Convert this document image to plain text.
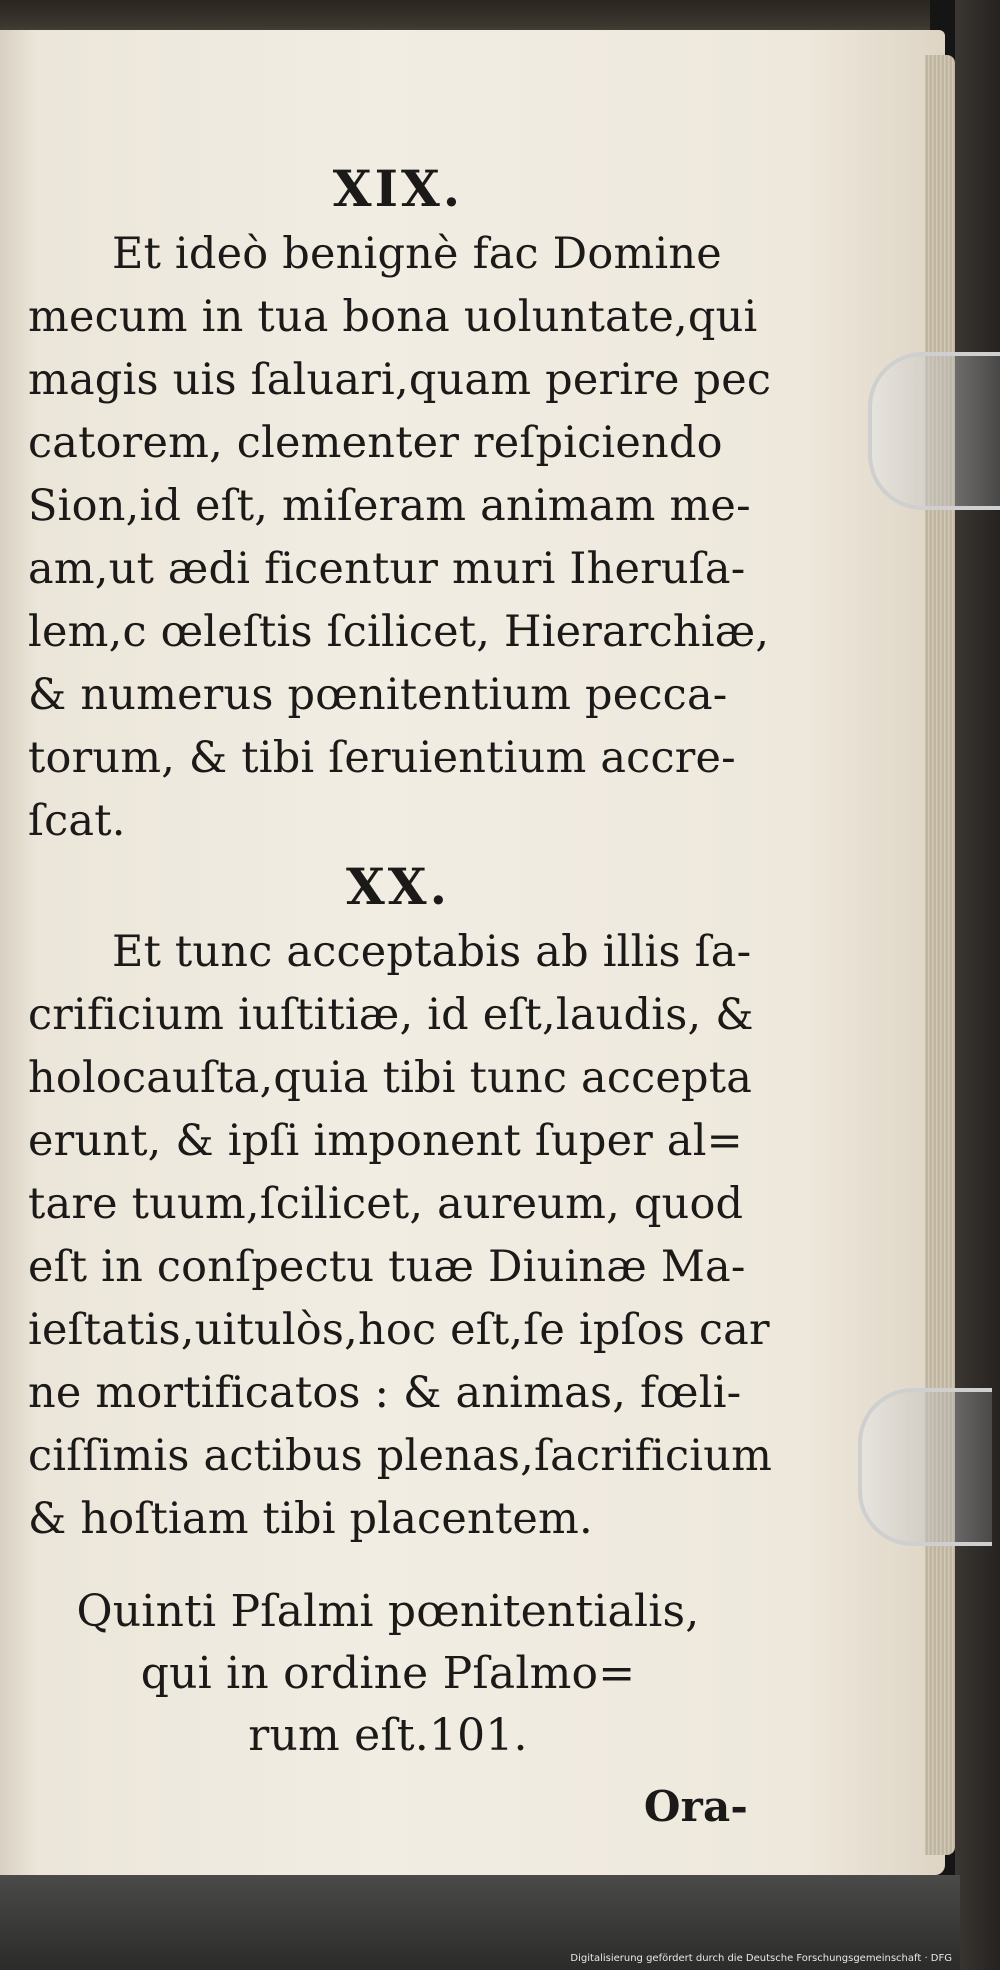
XIX.

Et ideò benignè fac Domine

mecum in tua bona uoluntate,qui

magis uis ſaluari,quam perire pec

catorem, clementer reſpiciendo

Sion,id eſt, miſeram animam me-

am,ut ædi ficentur muri Iheruſa-

lem,c œleſtis ſcilicet, Hierarchiæ,

& numerus pœnitentium pecca-

torum, & tibi ſeruientium accre-

ſcat.

XX.

Et tunc acceptabis ab illis ſa-

crificium iuſtitiæ, id eſt,laudis, &

holocauſta,quia tibi tunc accepta

erunt, & ipſi imponent ſuper al=

tare tuum,ſcilicet, aureum, quod

eſt in conſpectu tuæ Diuinæ Ma-

ieſtatis,uitulòs,hoc eſt,ſe ipſos car

ne mortificatos : & animas, fœli-

ciſſimis actibus plenas,ſacrificium

& hoſtiam tibi placentem.

Quinti Pſalmi pœnitentialis,

qui in ordine Pſalmo=

rum eſt.101.

Ora-
Digitalisierung gefördert durch die Deutsche Forschungsgemeinschaft · DFG
